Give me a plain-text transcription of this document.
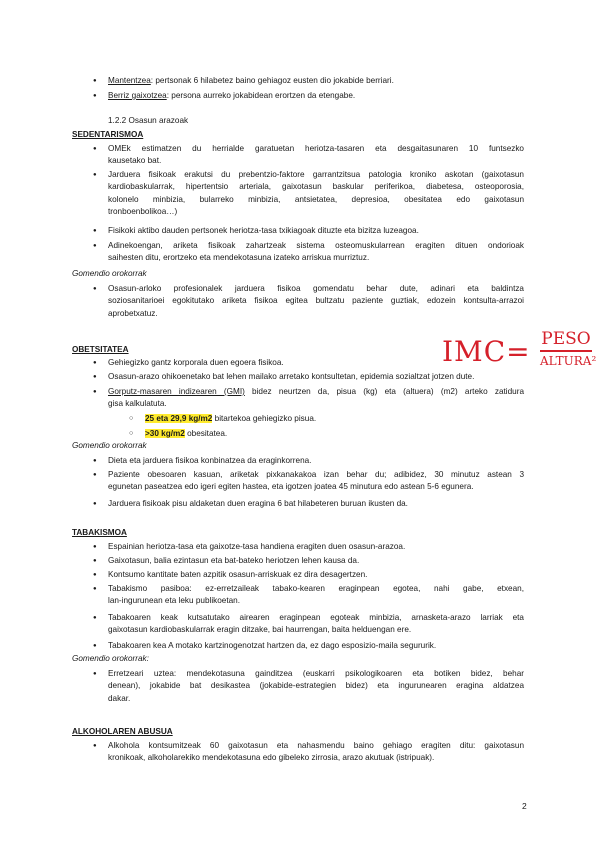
● Mantentzea: pertsonak 6 hilabetez baino gehiagoz eusten dio jokabide berriari.
● Berriz gaixotzea: persona aurreko jokabidean erortzen da etengabe.
1.2.2 Osasun arazoak
SEDENTARISMOA
● OMEk estimatzen du herrialde garatuetan heriotza-tasaren eta desgaitasunaren 10 funtsezko
kausetako bat.
● Jarduera fisikoak erakutsi du prebentzio-faktore garrantzitsua patologia kroniko askotan (gaixotasun
kardiobaskularrak, hipertentsio arteriala, gaixotasun baskular periferikoa, diabetesa, osteoporosia,
kolonelo minbizia, bularreko minbizia, antsietatea, depresioa, obesitatea edo gaixotasun
tronboenbolikoa…)
● Fisikoki aktibo dauden pertsonek heriotza-tasa txikiagoak dituzte eta bizitza luzeagoa.
● Adinekoengan, ariketa fisikoak zahartzeak sistema osteomuskularrean eragiten dituen ondorioak
saihesten ditu, erortzeko eta mendekotasuna izateko arriskua murriztuz.
Gomendio orokorrak
● Osasun-arloko profesionalek jarduera fisikoa gomendatu behar dute, adinari eta baldintza
soziosanitarioei egokitutako ariketa fisikoa egitea bultzatu paziente guztiak, edozein kontsulta-arrazoi
aprobetxatuz.
OBETSITATEA
● Gehiegizko gantz korporala duen egoera fisikoa.
● Osasun-arazo ohikoenetako bat lehen mailako arretako kontsultetan, epidemia sozialtzat jotzen dute.
● Gorputz-masaren indizearen (GMI) bidez neurtzen da, pisua (kg) eta (altuera) (m2) arteko zatidura
gisa kalkulatuta.
○ 25 eta 29,9 kg/m2 bitartekoa gehiegizko pisua.
○ >30 kg/m2 obesitatea.
Gomendio orokorrak
● Dieta eta jarduera fisikoa konbinatzea da eraginkorrena.
● Paziente obesoaren kasuan, ariketak pixkanakakoa izan behar du; adibidez, 30 minutuz astean 3
egunetan paseatzea edo igeri egiten hastea, eta igotzen joatea 45 minutura edo astean 5-6 egunera.
● Jarduera fisikoak pisu aldaketan duen eragina 6 bat hilabeteren buruan ikusten da.
IMC= PESO
ALTURA²
TABAKISMOA
● Espainian heriotza-tasa eta gaixotze-tasa handiena eragiten duen osasun-arazoa.
● Gaixotasun, balia ezintasun eta bat-bateko heriotzen lehen kausa da.
● Kontsumo kantitate baten azpitik osasun-arriskuak ez dira desagertzen.
● Tabakismo pasiboa: ez-erretzaileak tabako-kearen eraginpean egotea, nahi gabe, etxean,
lan-ingurunean eta leku publikoetan.
● Tabakoaren keak kutsatutako airearen eraginpean egoteak minbizia, arnasketa-arazo larriak eta
gaixotasun kardiobaskularrak eragin ditzake, bai haurrengan, baita helduengan ere.
● Tabakoaren kea A motako kartzinogenotzat hartzen da, ez dago esposizio-maila segururik.
Gomendio orokorrak:
● Erretzeari uztea: mendekotasuna gainditzea (euskarri psikologikoaren eta botiken bidez, behar
denean), jokabide bat desikastea (jokabide-estrategien bidez) eta ingurunearen eragina aldatzea
dakar.
ALKOHOLAREN ABUSUA
● Alkohola kontsumitzeak 60 gaixotasun eta nahasmendu baino gehiago eragiten ditu: gaixotasun
kronikoak, alkoholarekiko mendekotasuna edo gibeleko zirrosia, arazo akutuak (istripuak).
2
